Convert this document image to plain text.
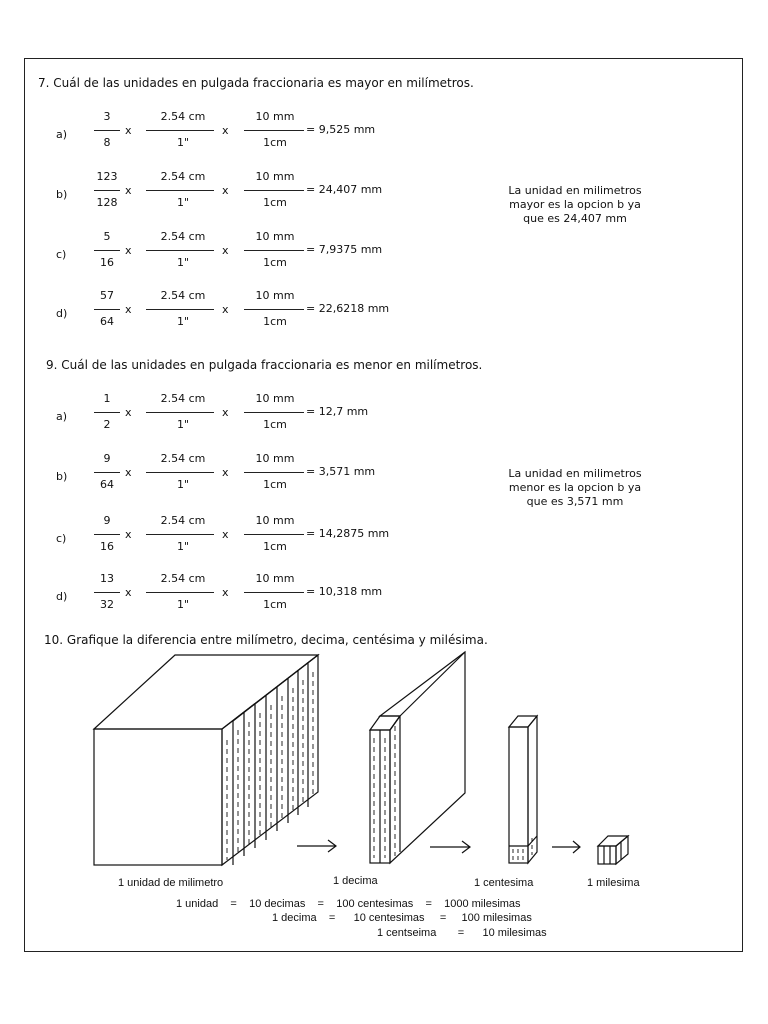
7. Cuál de las unidades en pulgada fraccionaria es mayor en milímetros.
a)
3
8
x
2.54 cm
1"
x
10 mm
1cm
= 9,525 mm
b)
123
128
x
2.54 cm
1"
x
10 mm
1cm
= 24,407 mm
c)
5
16
x
2.54 cm
1"
x
10 mm
1cm
= 7,9375 mm
d)
57
64
x
2.54 cm
1"
x
10 mm
1cm
= 22,6218 mm
La unidad en milimetros mayor es la opcion b ya que es 24,407 mm
9. Cuál de las unidades en pulgada fraccionaria es menor en milímetros.
a)
1
2
x
2.54 cm
1"
x
10 mm
1cm
= 12,7 mm
b)
9
64
x
2.54 cm
1"
x
10 mm
1cm
= 3,571 mm
c)
9
16
x
2.54 cm
1"
x
10 mm
1cm
= 14,2875 mm
d)
13
32
x
2.54 cm
1"
x
10 mm
1cm
= 10,318 mm
La unidad en milimetros menor es la opcion b ya que es 3,571 mm
10. Grafique la diferencia entre milímetro, decima, centésima y milésima.
1 unidad de milimetro	1 decima	1 centesima	1 milesima
1 unidad    =    10 decimas    =    100 centesimas    =    1000 milesimas
1 decima    =      10 centesimas     =     100 milesimas
1 centseima       =      10 milesimas
